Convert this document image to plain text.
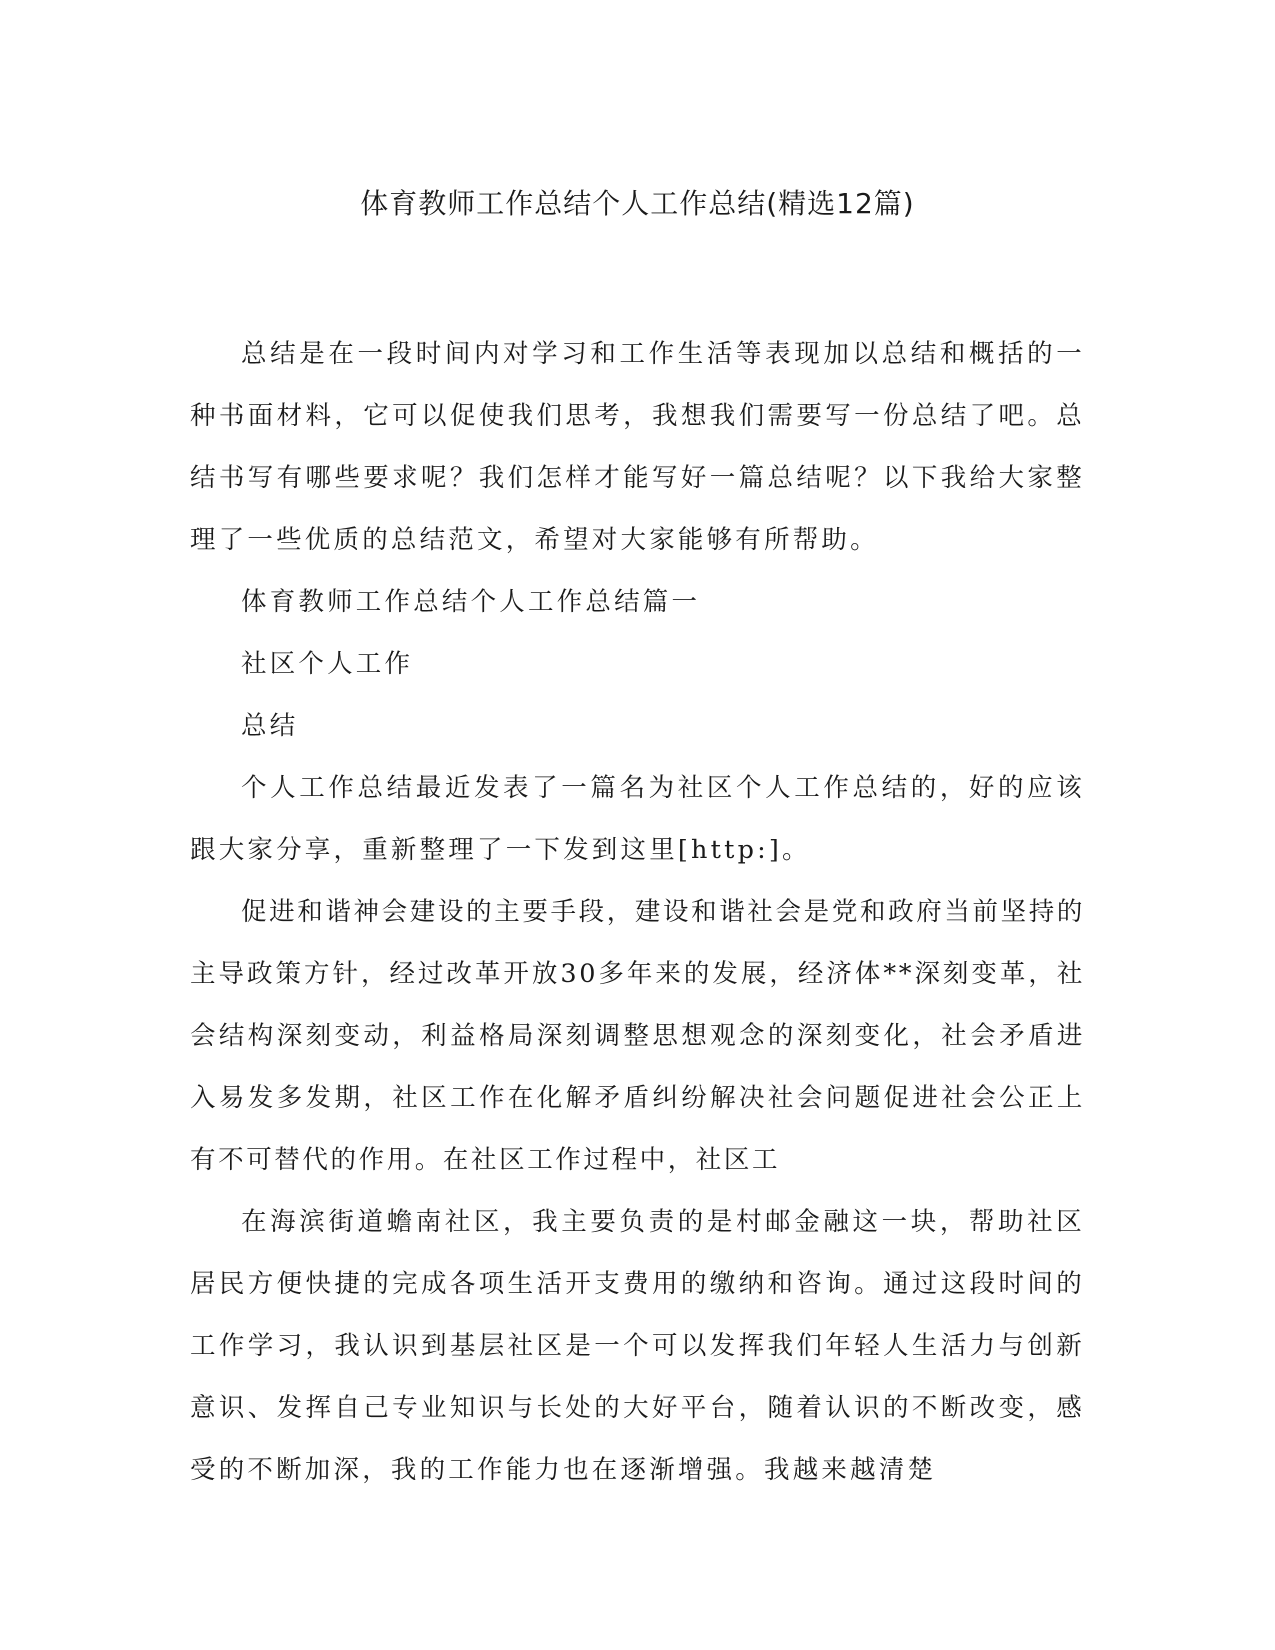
体育教师工作总结个人工作总结(精选12篇)

总结是在一段时间内对学习和工作生活等表现加以总结和概括的一种书面材料，它可以促使我们思考，我想我们需要写一份总结了吧。总结书写有哪些要求呢？我们怎样才能写好一篇总结呢？以下我给大家整理了一些优质的总结范文，希望对大家能够有所帮助。

体育教师工作总结个人工作总结篇一

社区个人工作

总结

个人工作总结最近发表了一篇名为社区个人工作总结的，好的应该跟大家分享，重新整理了一下发到这里[http:]。

促进和谐神会建设的主要手段，建设和谐社会是党和政府当前坚持的主导政策方针，经过改革开放30多年来的发展，经济体**深刻变革，社会结构深刻变动，利益格局深刻调整思想观念的深刻变化，社会矛盾进入易发多发期，社区工作在化解矛盾纠纷解决社会问题促进社会公正上有不可替代的作用。在社区工作过程中，社区工

在海滨街道蟾南社区，我主要负责的是村邮金融这一块，帮助社区居民方便快捷的完成各项生活开支费用的缴纳和咨询。通过这段时间的工作学习，我认识到基层社区是一个可以发挥我们年轻人生活力与创新意识、发挥自己专业知识与长处的大好平台，随着认识的不断改变，感受的不断加深，我的工作能力也在逐渐增强。我越来越清楚
